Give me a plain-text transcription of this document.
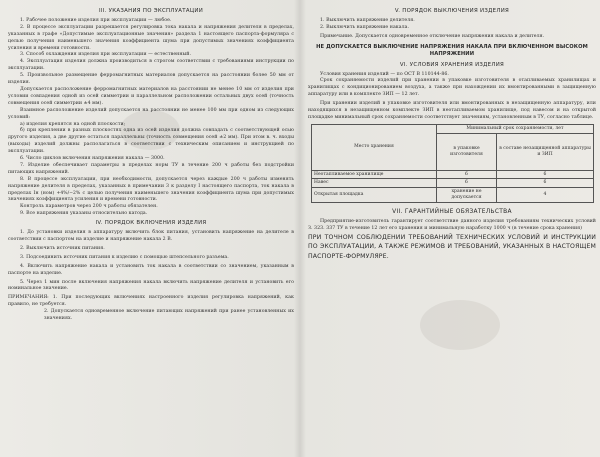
III. УКАЗАНИЯ ПО ЭКСПЛУАТАЦИИ

1. Рабочее положение изделия при эксплуатации — любое.

2. В процессе эксплуатации разрешается регулировка тока накала и напряжения делителя в пределах, указанных в графе «Допустимые эксплуатационные значения» раздела 1 настоящего паспорта-формуляра с целью получения наименьшего значения коэффициента шума при допустимых значениях коэффициента усиления и времени готовности.

3. Способ охлаждения изделия при эксплуатации — естественный.

4. Эксплуатация изделия должна производиться в строгом соответствии с требованиями инструкции по эксплуатации.

5. Произвольное размещение ферромагнитных материалов допускается на расстоянии более 50 мм от изделия.

Допускается расположение ферромагнитных материалов на расстоянии не менее 10 мм от изделия при условии совпадения одной из осей симметрии и параллельном расположении остальных двух осей (точность совмещения осей симметрии ±4 мм).

Взаимное расположение изделий допускается на расстоянии не менее 100 мм при одном из следующих условий:

а) изделия крепятся на одной плоскости;

б) при креплении в разных плоскостях одна из осей изделия должна совпадать с соответствующей осью другого изделия, а две другие остаться параллельны (точность совмещения осей ±2 мм). При этом в. ч. входы (выходы) изделий должны располагаться в соответствии с техническим описанием и инструкцией по эксплуатации.

6. Число циклов включения напряжения накала — 3000.

7. Изделие обеспечивает параметры в пределах норм ТУ в течение 200 ч работы без подстройки питающих напряжений.

8. В процессе эксплуатации, при необходимости, допускается через каждые 200 ч работы изменять напряжение делителя в пределах, указанных в примечании 3 к разделу I настоящего паспорта, ток накала в пределах Iн (ном) +4%/−2% с целью получения наименьшего значения коэффициента шума при допустимых значениях коэффициента усиления и времени готовности.

Контроль параметров через 200 ч работы обязателен.

9. Все напряжения указаны относительно катода.

IV. ПОРЯДОК ВКЛЮЧЕНИЯ ИЗДЕЛИЯ

1. До установки изделия в аппаратуру включить блок питания, установить напряжение на делителе в соответствии с паспортом на изделие и напряжение накала 2 В.

2. Выключить источник питания.

3. Подсоединить источник питания к изделию с помощью штепсельного разъема.

4. Включить напряжение накала и установить ток накала в соответствии со значением, указанным в паспорте на изделие.

5. Через 1 мин после включения напряжения накала включить напряжение делителя и установить его номинальное значение.

ПРИМЕЧАНИЯ: 1. При последующих включениях настроенного изделия регулировка напряжений, как правило, не требуется.

2. Допускается одновременное включение питающих напряжений при ранее установленных их значениях.

V. ПОРЯДОК ВЫКЛЮЧЕНИЯ ИЗДЕЛИЯ

1. Выключить напряжение делителя.

2. Выключить напряжение накала.

Примечание. Допускается одновременное отключение напряжения накала и делителя.

НЕ ДОПУСКАЕТСЯ ВЫКЛЮЧЕНИЕ НАПРЯЖЕНИЯ НАКАЛА ПРИ ВКЛЮЧЕННОМ ВЫСОКОМ НАПРЯЖЕНИИ
VI. УСЛОВИЯ ХРАНЕНИЯ ИЗДЕЛИЯ

Условия хранения изделий — по ОСТ В 110144-86.

Срок сохраняемости изделий при хранении в упаковке изготовителя в отапливаемых хранилищах и хранилищах с кондиционированием воздуха, а также при нахождении их вмонтированными в защищенную аппаратуру или в комплекте ЗИП — 12 лет.

При хранении изделий в упаковке изготовителя или вмонтированных в незащищенную аппаратуру, или находящихся в незащищенном комплекте ЗИП в неотапливаемом хранилище, под навесом и на открытой площадке минимальный срок сохраняемости соответствует значениям, установленным в ТУ, согласно таблице.

Место хранения	Минимальный срок сохраняемости, лет	
	в упаковке изготовителя	в составе незащищенной аппаратуры и ЗИП
Неотапливаемое хранилище	6	6
Навес	6	6
Открытая площадка	хранение не допускается	4
VII. ГАРАНТИЙНЫЕ ОБЯЗАТЕЛЬСТВА

Предприятие-изготовитель гарантирует соответствие данного изделия требованиям технических условий З. 323. 337 ТУ в течение 12 лет его хранения и минимальную наработку 1000 ч (в течение срока хранения)

ПРИ ТОЧНОМ СОБЛЮДЕНИИ ТРЕБОВАНИЙ ТЕХНИЧЕСКИХ УСЛОВИЙ И ИНСТРУКЦИИ ПО ЭКСПЛУАТАЦИИ, А ТАКЖЕ РЕЖИМОВ И ТРЕБОВАНИЙ, УКАЗАННЫХ В НАСТОЯЩЕМ ПАСПОРТЕ-ФОРМУЛЯРЕ.
